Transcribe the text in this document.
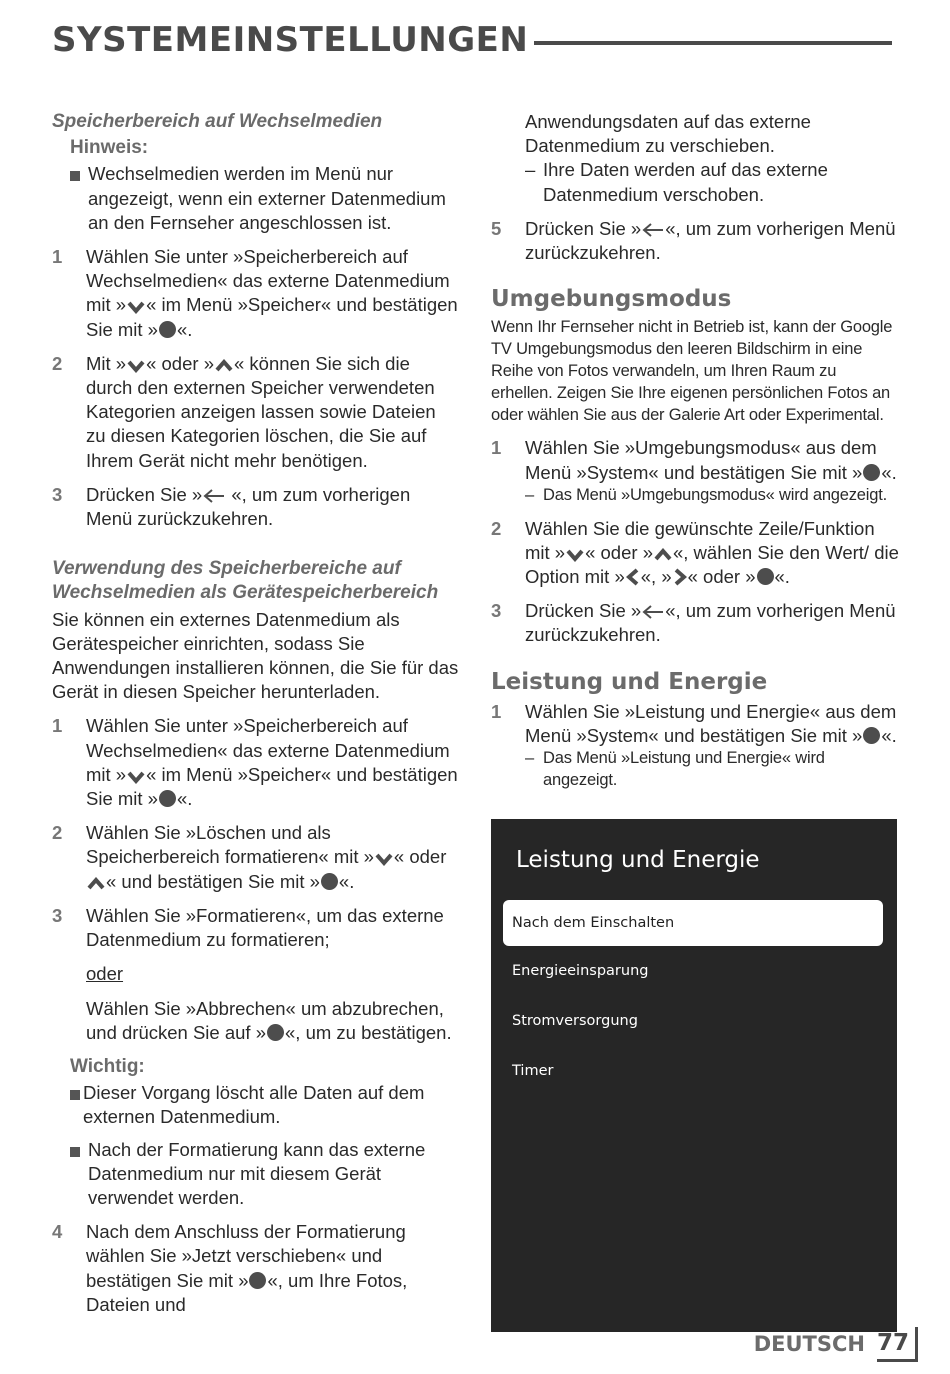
SYSTEMEINSTELLUNGEN
Speicherbereich auf Wechselmedien
Hinweis:
Wechselmedien werden im Menü nur angezeigt, wenn ein externer Datenmedium an den Fernseher angeschlossen ist.
1	Wählen Sie unter »Speicherbereich auf Wechselmedien« das externe Datenmedium mit » « im Menü »Speicher« und bestätigen Sie mit » «.
2	Mit » « oder » « können Sie sich die durch den externen Speicher verwendeten Kategorien anzeigen lassen sowie Dateien zu diesen Kategorien löschen, die Sie auf Ihrem Gerät nicht mehr benötigen.
3	Drücken Sie » «, um zum vorherigen Menü zurückzukehren.
Verwendung des Speicherbereiche auf Wechselmedien als Gerätespeicherbereich
Sie können ein externes Datenmedium als Gerätespeicher einrichten, sodass Sie Anwendungen installieren können, die Sie für das Gerät in diesen Speicher herunterladen.
1	Wählen Sie unter »Speicherbereich auf Wechselmedien« das externe Datenmedium mit » « im Menü »Speicher« und bestätigen Sie mit » «.
2	Wählen Sie »Löschen und als Speicherbereich formatieren« mit » « oder « und bestätigen Sie mit » «.
3	Wählen Sie »Formatieren«, um das externe Datenmedium zu formatieren;
oder
Wählen Sie »Abbrechen« um abzubrechen, und drücken Sie auf » «, um zu bestätigen.
Wichtig:
Dieser Vorgang löscht alle Daten auf dem externen Datenmedium.
Nach der Formatierung kann das externe Datenmedium nur mit diesem Gerät verwendet werden.
4	Nach dem Anschluss der Formatierung wählen Sie »Jetzt verschieben« und bestätigen Sie mit » «, um Ihre Fotos, Dateien und
Anwendungsdaten auf das externe Datenmedium zu verschieben.
– Ihre Daten werden auf das externe Datenmedium verschoben.
5	Drücken Sie » «, um zum vorherigen Menü zurückzukehren.
Umgebungsmodus
Wenn Ihr Fernseher nicht in Betrieb ist, kann der Google TV Umgebungsmodus den leeren Bildschirm in eine Reihe von Fotos verwandeln, um Ihren Raum zu erhellen. Zeigen Sie Ihre eigenen persönlichen Fotos an oder wählen Sie aus der Galerie Art oder Experimental.
1	Wählen Sie »Umgebungsmodus« aus dem Menü »System« und bestätigen Sie mit » «.
– Das Menü »Umgebungsmodus« wird angezeigt.
2	Wählen Sie die gewünschte Zeile/Funktion mit » « oder » «, wählen Sie den Wert/ die Option mit » «, » « oder » «.
3	Drücken Sie » «, um zum vorherigen Menü zurückzukehren.
Leistung und Energie
1	Wählen Sie »Leistung und Energie« aus dem Menü »System« und bestätigen Sie mit » «.
– Das Menü »Leistung und Energie« wird angezeigt.
Leistung und Energie
Nach dem Einschalten
Energieeinsparung
Stromversorgung
Timer
DEUTSCH 77
